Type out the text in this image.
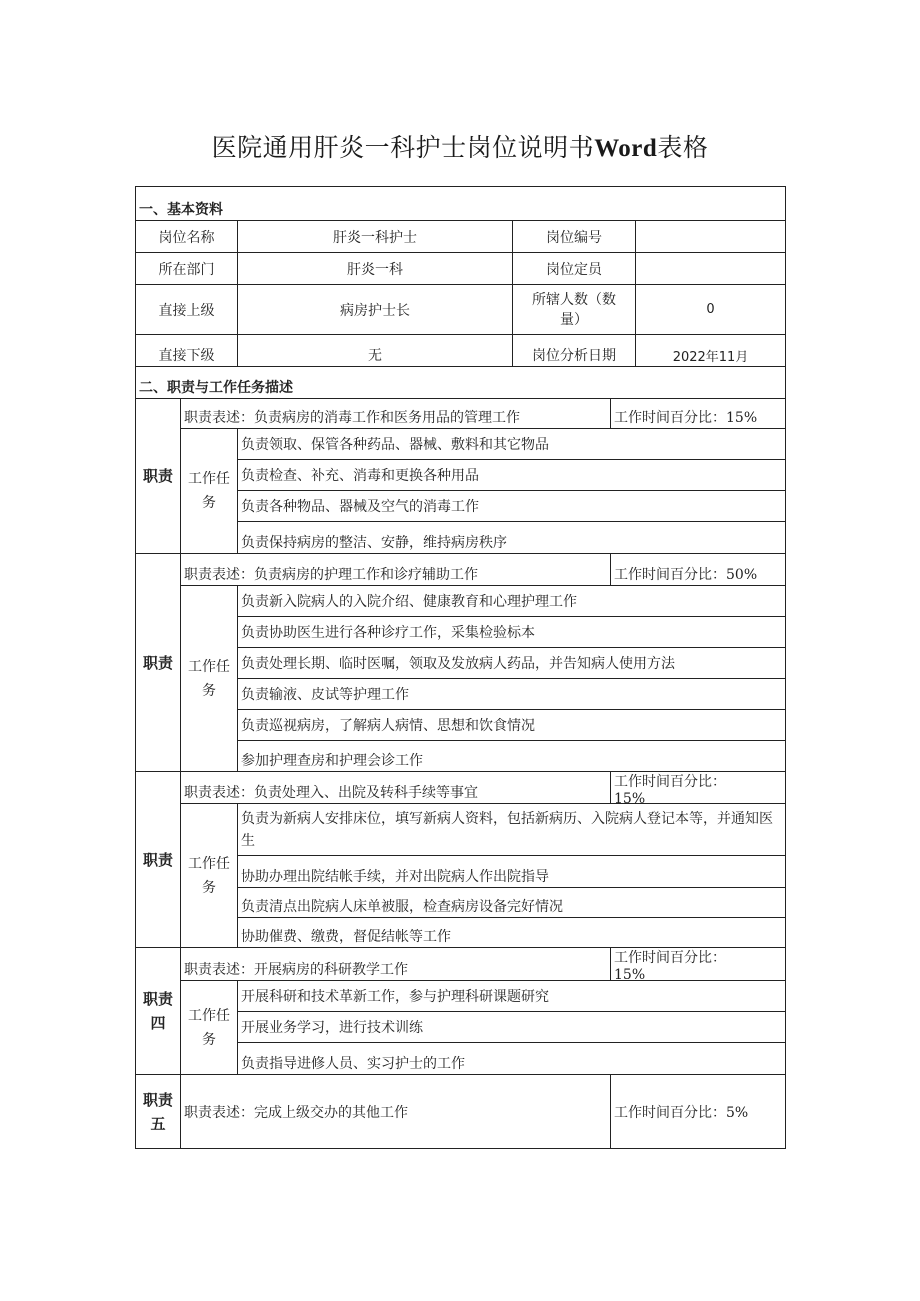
医院通用肝炎一科护士岗位说明书Word表格
一、基本资料					
岗位名称		肝炎一科护士	岗位编号		
所在部门		肝炎一科	岗位定员		
直接上级		病房护士长	所辖人数（数量）		0
直接下级		无	岗位分析日期		2022年11月
二、职责与工作任务描述					
职责	职责表述：负责病房的消毒工作和医务用品的管理工作			工作时间百分比：15%	
	工作任务	负责领取、保管各种药品、器械、敷料和其它物品			
		负责检查、补充、消毒和更换各种用品			
		负责各种物品、器械及空气的消毒工作			
		负责保持病房的整洁、安静，维持病房秩序			
职责	职责表述：负责病房的护理工作和诊疗辅助工作			工作时间百分比：50%	
	工作任务	负责新入院病人的入院介绍、健康教育和心理护理工作			
		负责协助医生进行各种诊疗工作，采集检验标本			
		负责处理长期、临时医嘱，领取及发放病人药品，并告知病人使用方法			
		负责输液、皮试等护理工作			
		负责巡视病房，了解病人病情、思想和饮食情况			
		参加护理查房和护理会诊工作			
职责	职责表述：负责处理入、出院及转科手续等事宜			工作时间百分比：
15%	

	工作任务	负责为新病人安排床位，填写新病人资料，包括新病历、入院病人登记本等，并通知医生			
		协助办理出院结帐手续，并对出院病人作出院指导			
		负责清点出院病人床单被服，检查病房设备完好情况			
		协助催费、缴费，督促结帐等工作			
职责四	职责表述：开展病房的科研教学工作			工作时间百分比：
15%	

	工作任务	开展科研和技术革新工作，参与护理科研课题研究			
		开展业务学习，进行技术训练			
		负责指导进修人员、实习护士的工作			
职责五	职责表述：完成上级交办的其他工作			工作时间百分比：5%	
